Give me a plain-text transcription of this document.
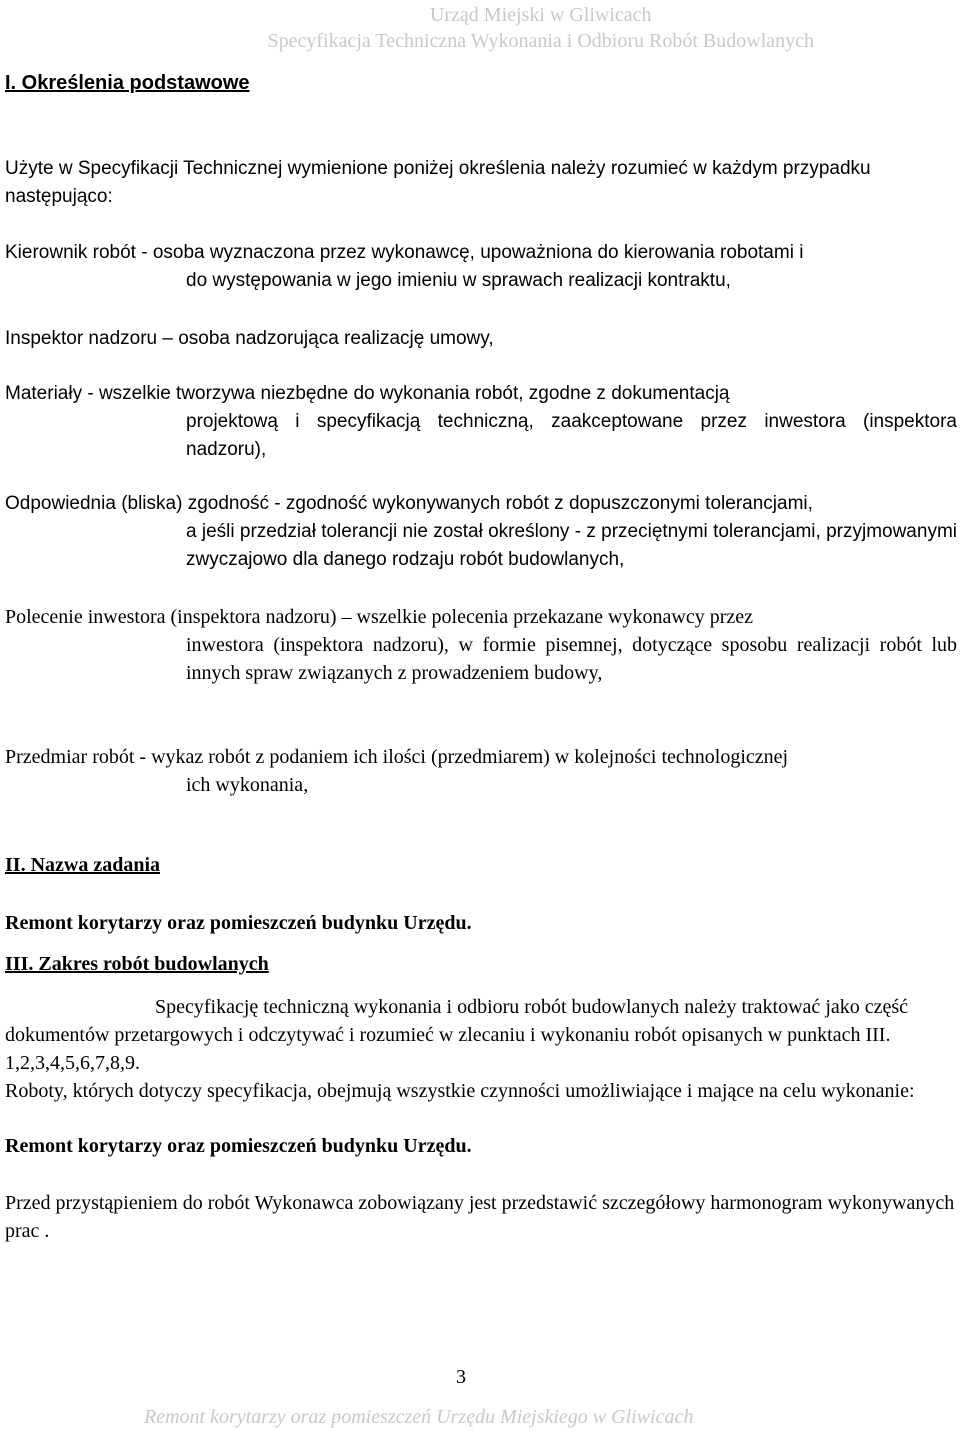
Urząd Miejski w Gliwicach
Specyfikacja Techniczna Wykonania i Odbioru Robót Budowlanych
I. Określenia podstawowe
Użyte w Specyfikacji Technicznej wymienione poniżej określenia należy rozumieć w każdym przypadku następująco:
Kierownik robót - osoba wyznaczona przez wykonawcę, upoważniona do kierowania robotami i
do występowania w jego imieniu w sprawach realizacji kontraktu,
Inspektor nadzoru – osoba nadzorująca realizację umowy,
Materiały - wszelkie tworzywa niezbędne do wykonania robót, zgodne z dokumentacją
projektową i specyfikacją techniczną, zaakceptowane przez inwestora (inspektora nadzoru),
Odpowiednia (bliska) zgodność - zgodność wykonywanych robót z dopuszczonymi tolerancjami,
a jeśli przedział tolerancji nie został określony - z przeciętnymi tolerancjami, przyjmowanymi zwyczajowo dla danego rodzaju robót budowlanych,
Polecenie inwestora (inspektora nadzoru) – wszelkie polecenia przekazane wykonawcy przez
inwestora (inspektora nadzoru), w formie pisemnej, dotyczące sposobu realizacji robót lub innych spraw związanych z prowadzeniem budowy,
Przedmiar robót - wykaz robót z podaniem ich ilości (przedmiarem) w kolejności technologicznej
ich wykonania,
II. Nazwa zadania
Remont korytarzy oraz pomieszczeń budynku Urzędu.
III. Zakres robót budowlanych
Specyfikację techniczną wykonania i odbioru robót budowlanych należy traktować jako część dokumentów przetargowych i odczytywać i rozumieć w zlecaniu i wykonaniu robót opisanych w punktach III. 1,2,3,4,5,6,7,8,9.
Roboty, których dotyczy specyfikacja, obejmują wszystkie czynności umożliwiające i mające na celu wykonanie:
Remont korytarzy oraz pomieszczeń budynku Urzędu.
Przed przystąpieniem do robót Wykonawca zobowiązany jest przedstawić szczegółowy harmonogram wykonywanych prac .
3
Remont korytarzy oraz pomieszczeń Urzędu Miejskiego w Gliwicach
